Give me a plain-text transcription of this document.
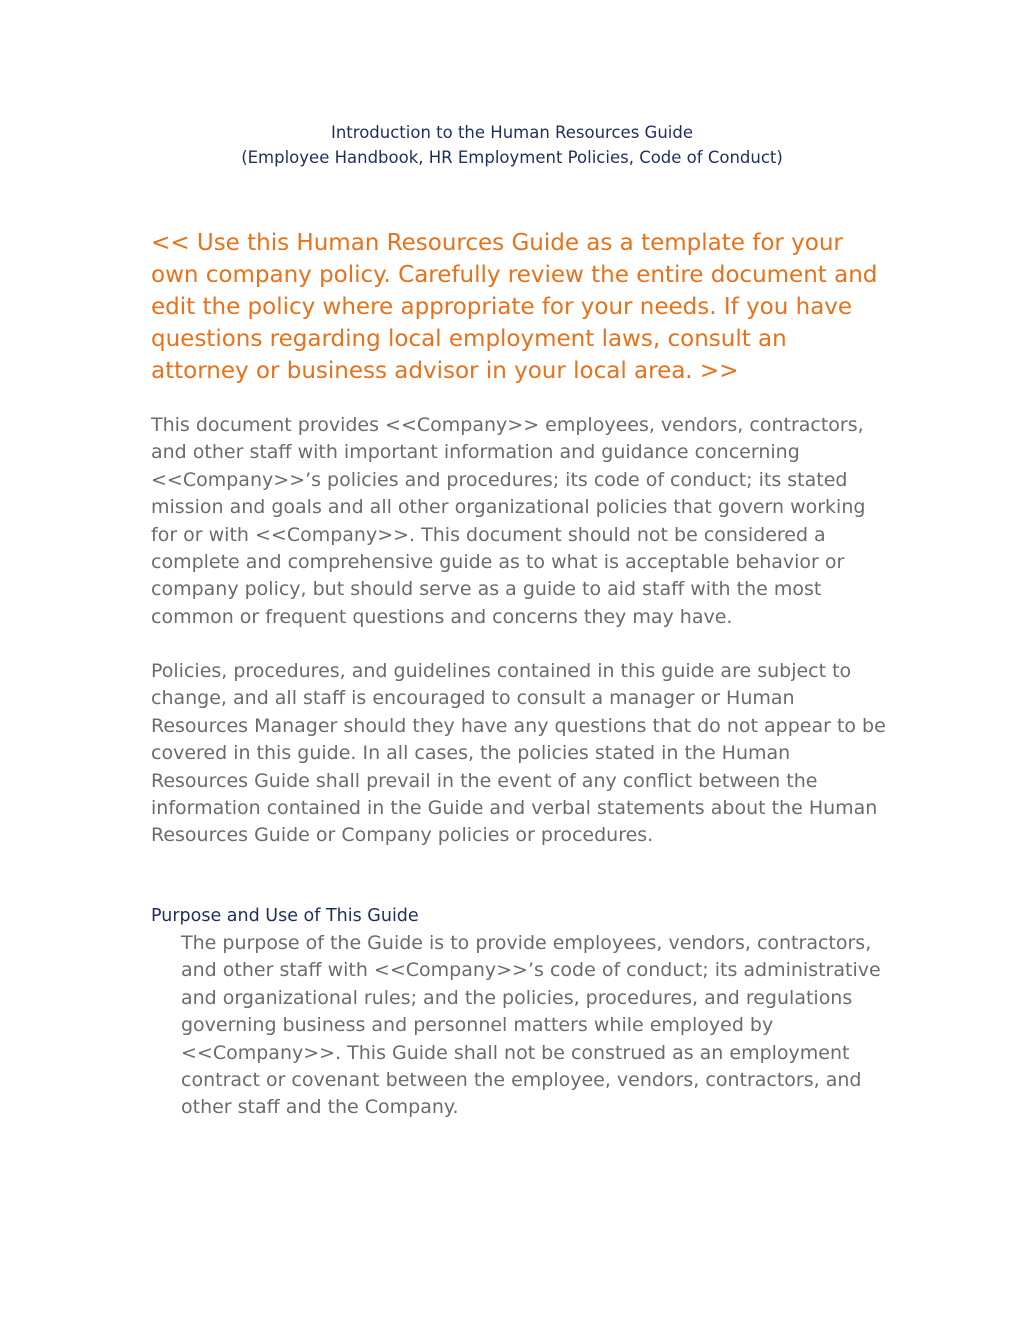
Introduction to the Human Resources Guide
(Employee Handbook, HR Employment Policies, Code of Conduct)

<< Use this Human Resources Guide as a template for your own company policy. Carefully review the entire document and edit the policy where appropriate for your needs. If you have questions regarding local employment laws, consult an attorney or business advisor in your local area. >>

This document provides <<Company>> employees, vendors, contractors, and other staff with important information and guidance concerning <<Company>>’s policies and procedures; its code of conduct; its stated mission and goals and all other organizational policies that govern working for or with <<Company>>. This document should not be considered a complete and comprehensive guide as to what is acceptable behavior or company policy, but should serve as a guide to aid staff with the most common or frequent questions and concerns they may have.

Policies, procedures, and guidelines contained in this guide are subject to change, and all staff is encouraged to consult a manager or Human Resources Manager should they have any questions that do not appear to be covered in this guide. In all cases, the policies stated in the Human Resources Guide shall prevail in the event of any conflict between the information contained in the Guide and verbal statements about the Human Resources Guide or Company policies or procedures.

Purpose and Use of This Guide

The purpose of the Guide is to provide employees, vendors, contractors, and other staff with <<Company>>’s code of conduct; its administrative and organizational rules; and the policies, procedures, and regulations governing business and personnel matters while employed by <<Company>>. This Guide shall not be construed as an employment contract or covenant between the employee, vendors, contractors, and other staff and the Company.
